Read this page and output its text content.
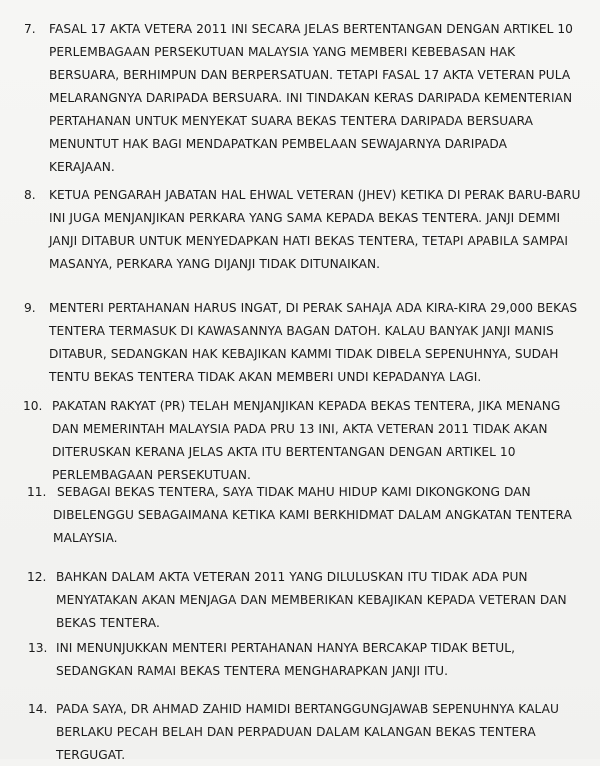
7. FASAL 17 AKTA VETERA 2011 INI SECARA JELAS BERTENTANGAN DENGAN ARTIKEL 10
PERLEMBAGAAN PERSEKUTUAN MALAYSIA YANG MEMBERI KEBEBASAN HAK
BERSUARA, BERHIMPUN DAN BERPERSATUAN. TETAPI FASAL 17 AKTA VETERAN PULA
MELARANGNYA DARIPADA BERSUARA. INI TINDAKAN KERAS DARIPADA KEMENTERIAN
PERTAHANAN UNTUK MENYEKAT SUARA BEKAS TENTERA DARIPADA BERSUARA
MENUNTUT HAK BAGI MENDAPATKAN PEMBELAAN SEWAJARNYA DARIPADA
KERAJAAN.
8. KETUA PENGARAH JABATAN HAL EHWAL VETERAN (JHEV) KETIKA DI PERAK BARU-BARU
INI JUGA MENJANJIKAN PERKARA YANG SAMA KEPADA BEKAS TENTERA. JANJI DEMMI
JANJI DITABUR UNTUK MENYEDAPKAN HATI BEKAS TENTERA, TETAPI APABILA SAMPAI
MASANYA, PERKARA YANG DIJANJI TIDAK DITUNAIKAN.
9. MENTERI PERTAHANAN HARUS INGAT, DI PERAK SAHAJA ADA KIRA-KIRA 29,000 BEKAS
TENTERA TERMASUK DI KAWASANNYA BAGAN DATOH. KALAU BANYAK JANJI MANIS
DITABUR, SEDANGKAN HAK KEBAJIKAN KAMMI TIDAK DIBELA SEPENUHNYA, SUDAH
TENTU BEKAS TENTERA TIDAK AKAN MEMBERI UNDI KEPADANYA LAGI.
10. PAKATAN RAKYAT (PR) TELAH MENJANJIKAN KEPADA BEKAS TENTERA, JIKA MENANG
DAN MEMERINTAH MALAYSIA PADA PRU 13 INI, AKTA VETERAN 2011 TIDAK AKAN
DITERUSKAN KERANA JELAS AKTA ITU BERTENTANGAN DENGAN ARTIKEL 10
PERLEMBAGAAN PERSEKUTUAN.
11. SEBAGAI BEKAS TENTERA, SAYA TIDAK MAHU HIDUP KAMI DIKONGKONG DAN
DIBELENGGU SEBAGAIMANA KETIKA KAMI BERKHIDMAT DALAM ANGKATAN TENTERA
MALAYSIA.
12. BAHKAN DALAM AKTA VETERAN 2011 YANG DILULUSKAN ITU TIDAK ADA PUN
MENYATAKAN AKAN MENJAGA DAN MEMBERIKAN KEBAJIKAN KEPADA VETERAN DAN
BEKAS TENTERA.
13. INI MENUNJUKKAN MENTERI PERTAHANAN HANYA BERCAKAP TIDAK BETUL,
SEDANGKAN RAMAI BEKAS TENTERA MENGHARAPKAN JANJI ITU.
14. PADA SAYA, DR AHMAD ZAHID HAMIDI BERTANGGUNGJAWAB SEPENUHNYA KALAU
BERLAKU PECAH BELAH DAN PERPADUAN DALAM KALANGAN BEKAS TENTERA
TERGUGAT.
